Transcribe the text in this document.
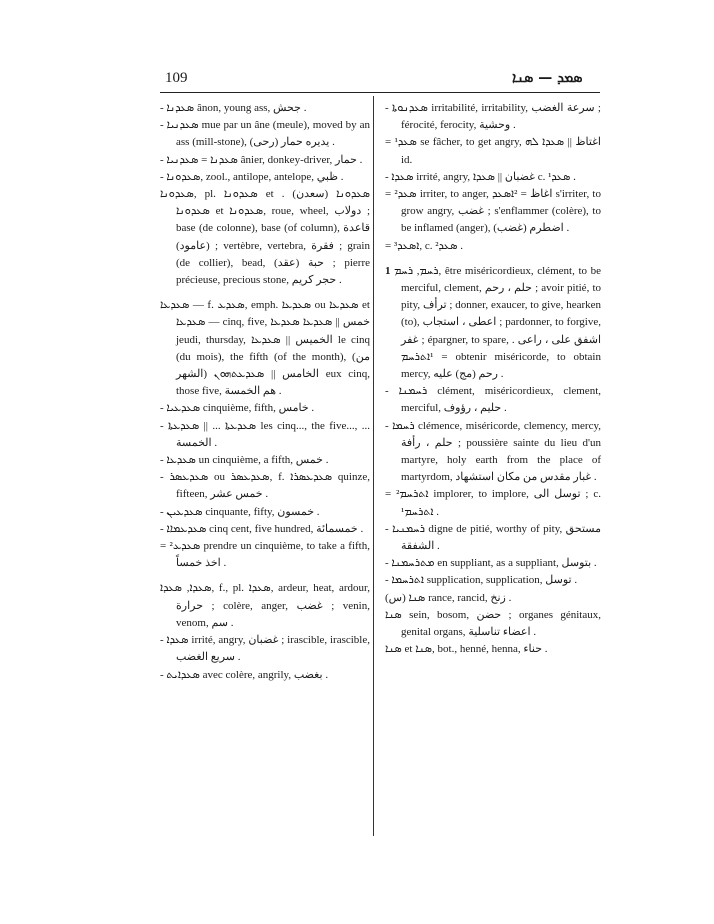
109	ܣܡܕ — ܣܢܐ

- ܣܥܕܢܐ ânon, young ass, جحش .

- ܣܥܕܢܝܐ mue par un âne (meule), moved by an ass (mill-stone), (رحى) يديره حمار .

- ܣܥܕܢܐ = ܣܥܕܢܝܐ ânier, donkey-driver, حمار .

- ܣܥܕܘܢܐ, zool., antilope, antelope, ظبي .

ܣܥܕܘܢܐ, pl. ܣܥܕܘܢܐ et ܣܥܕܘܢܐ (سعدن) . ܣܥܕܘܢܐ et ܣܥܕܘܢܐ, roue, wheel, دولاب ; base (de colonne), base (of column), قاعدة (عامود) ; vertèbre, vertebra, فقرة ; grain (de collier), bead, (عقد) حبة ; pierre précieuse, precious stone, حجر كريم .

ܣܥܕܥܐ — f. ܣܥܕܥ, emph. ܣܥܕܥܐ ou ܣܥܕܥܐ et ܣܥܕܥܐ — cinq, five, خمس || ܣܥܕܥܐ ܣܥܕܥܐ jeudi, thursday, الخميس || ܣܥܕܥܐ le cinq (du mois), the fifth (of the month), (من الشهر) الخامس || ܣܥܕܥܬܗܘܢ eux cinq, those five, هم الخمسة .

- ܣܥܕܥܝܐ cinquième, fifth, خامس .

- ܣܥܕܥܬܐ ... || ܣܥܕܥܬܐ les cinq..., the five..., ... الخمسة .

- ܣܥܕܥܐ un cinquième, a fifth, خمس .

- ܣܥܕܥܣܪ ou ܣܥܕܥܣܪ, f. ܣܥܕܥܣܪܐ quinze, fifteen, خمس عشر .

- ܣܥܕܥܝܢ cinquante, fifty, خمسون .

- ܣܥܕܥܡܐܐ cinq cent, five hundred, خمسمائة .

= ²ܣܥܕܥ prendre un cinquième, to take a fifth, اخذ خمساً .

ܣܥܕܐ, ܣܥܕܐ, f., pl. ܣܥܕܐ, ardeur, heat, ardour, حرارة ; colère, anger, غضب ; venin, venom, سم .

- ܣܥܕܐ irrité, angry, غضبان ; irascible, irascible, سريع الغضب .

- ܣܥܕܐܝܬ avec colère, angrily, بغضب .

- ܣܥܕܢܘܬܐ irritabilité, irritability, سرعة الغضب ; férocité, ferocity, وحشية .

= ¹ܣܥܕ se fâcher, to get angry, اغتاظ || ܣܥܕܐ ܠܗ id.

- ܣܥܕܐ irrité, angry, غضبان || ܣܥܕܐ c. ¹ܣܥܕ .

= ²ܣܥܕ irriter, to anger, اغاظ = ²ܐܣܥܕ s'irriter, to grow angry, غضب ; s'enflammer (colère), to be inflamed (anger), (غضب) اضطرم .

= ³ܐܣܥܕ, c. ²ܣܥܕ .

1 ܪܚܡ, ܪܚܡ, être miséricordieux, clément, to be merciful, clement, حلم ، رحم ; avoir pitié, to pity, ترأف ; donner, exaucer, to give, hearken (to), اعطى ، استجاب ; pardonner, to forgive, غفر ; épargner, to spare, اشفق على ، راعى . = ¹ܐܬܪܚܡ obtenir miséricorde, to obtain mercy, رحم (مج) عليه .

- ܪܚܡܢܐ clément, miséricordieux, clement, merciful, حليم ، رؤوف .

- ܪܚܡܐ clémence, miséricorde, clemency, mercy, حلم ، رأفة ; poussière sainte du lieu d'un martyre, holy earth from the place of martyrdom, غبار مقدس من مكان استشهاد .

= ²ܐܬܪܚܡ implorer, to implore, توسل الى ; c. ¹ܐܬܪܚܡ .

- ܪܚܡܢܝܐ digne de pitié, worthy of pity, مستحق الشفقة .

- ܡܬܪܚܡܢܐ en suppliant, as a suppliant, بتوسل .

- ܐܬܪܚܡܐ supplication, supplication, توسل .

(س) ܣܢܐ rance, rancid, زنخ .

ܣܢܐ sein, bosom, حضن ; organes génitaux, genital organs, اعضاء تناسلية .

ܣܢܐ et ܣܢܐ, bot., henné, henna, حناء .
